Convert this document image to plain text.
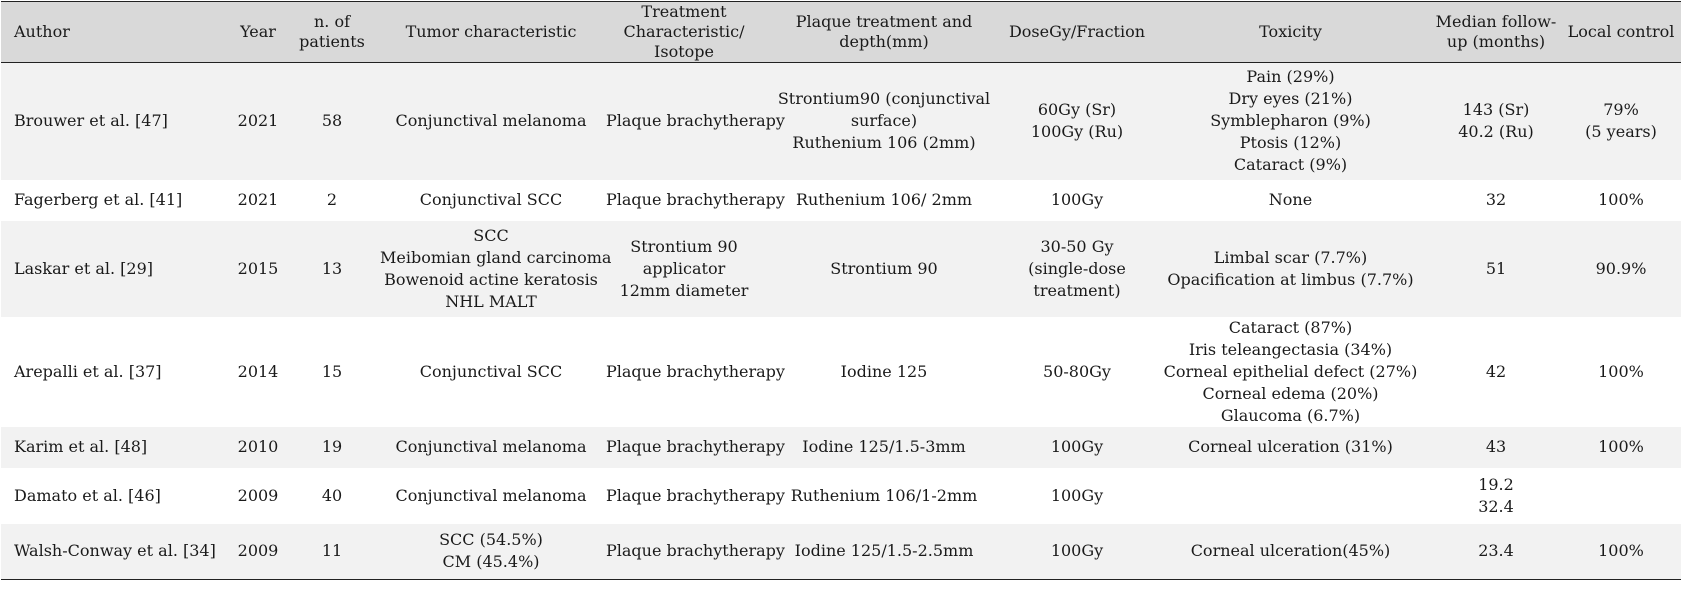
Author	Year	n. of patients	Tumor characteristic	Treatment Characteristic/ Isotope	Plaque treatment and depth(mm)	DoseGy/Fraction	Toxicity	Median follow-up (months)	Local control
Brouwer et al. [47]	2021	58	Conjunctival melanoma	Plaque brachytherapy	Strontium90 (conjunctival
surface)
Ruthenium 106 (2mm)	60Gy (Sr)
100Gy (Ru)	Pain (29%)
Dry eyes (21%)
Symblepharon (9%)
Ptosis (12%)
Cataract (9%)	143 (Sr)
40.2 (Ru)	79%
(5 years)

Fagerberg et al. [41]	2021	2	Conjunctival SCC	Plaque brachytherapy	Ruthenium 106/ 2mm	100Gy	None	32	100%

Laskar et al. [29]	2015	13	SCC
Meibomian gland carcinoma
Bowenoid actine keratosis
NHL MALT	Strontium 90
applicator
12mm diameter	Strontium 90	30-50 Gy
(single-dose
treatment)	Limbal scar (7.7%)
Opacification at limbus (7.7%)	51	90.9%

Arepalli et al. [37]	2014	15	Conjunctival SCC	Plaque brachytherapy	Iodine 125	50-80Gy	Cataract (87%)
Iris teleangectasia (34%)
Corneal epithelial defect (27%)
Corneal edema (20%)
Glaucoma (6.7%)	42	100%

Karim et al. [48]	2010	19	Conjunctival melanoma	Plaque brachytherapy	Iodine 125/1.5-3mm	100Gy	Corneal ulceration (31%)	43	100%

Damato et al. [46]	2009	40	Conjunctival melanoma	Plaque brachytherapy	Ruthenium 106/1-2mm	100Gy		19.2
32.4	

Walsh-Conway et al. [34]	2009	11	SCC (54.5%)
CM (45.4%)	Plaque brachytherapy	Iodine 125/1.5-2.5mm	100Gy	Corneal ulceration(45%)	23.4	100%
